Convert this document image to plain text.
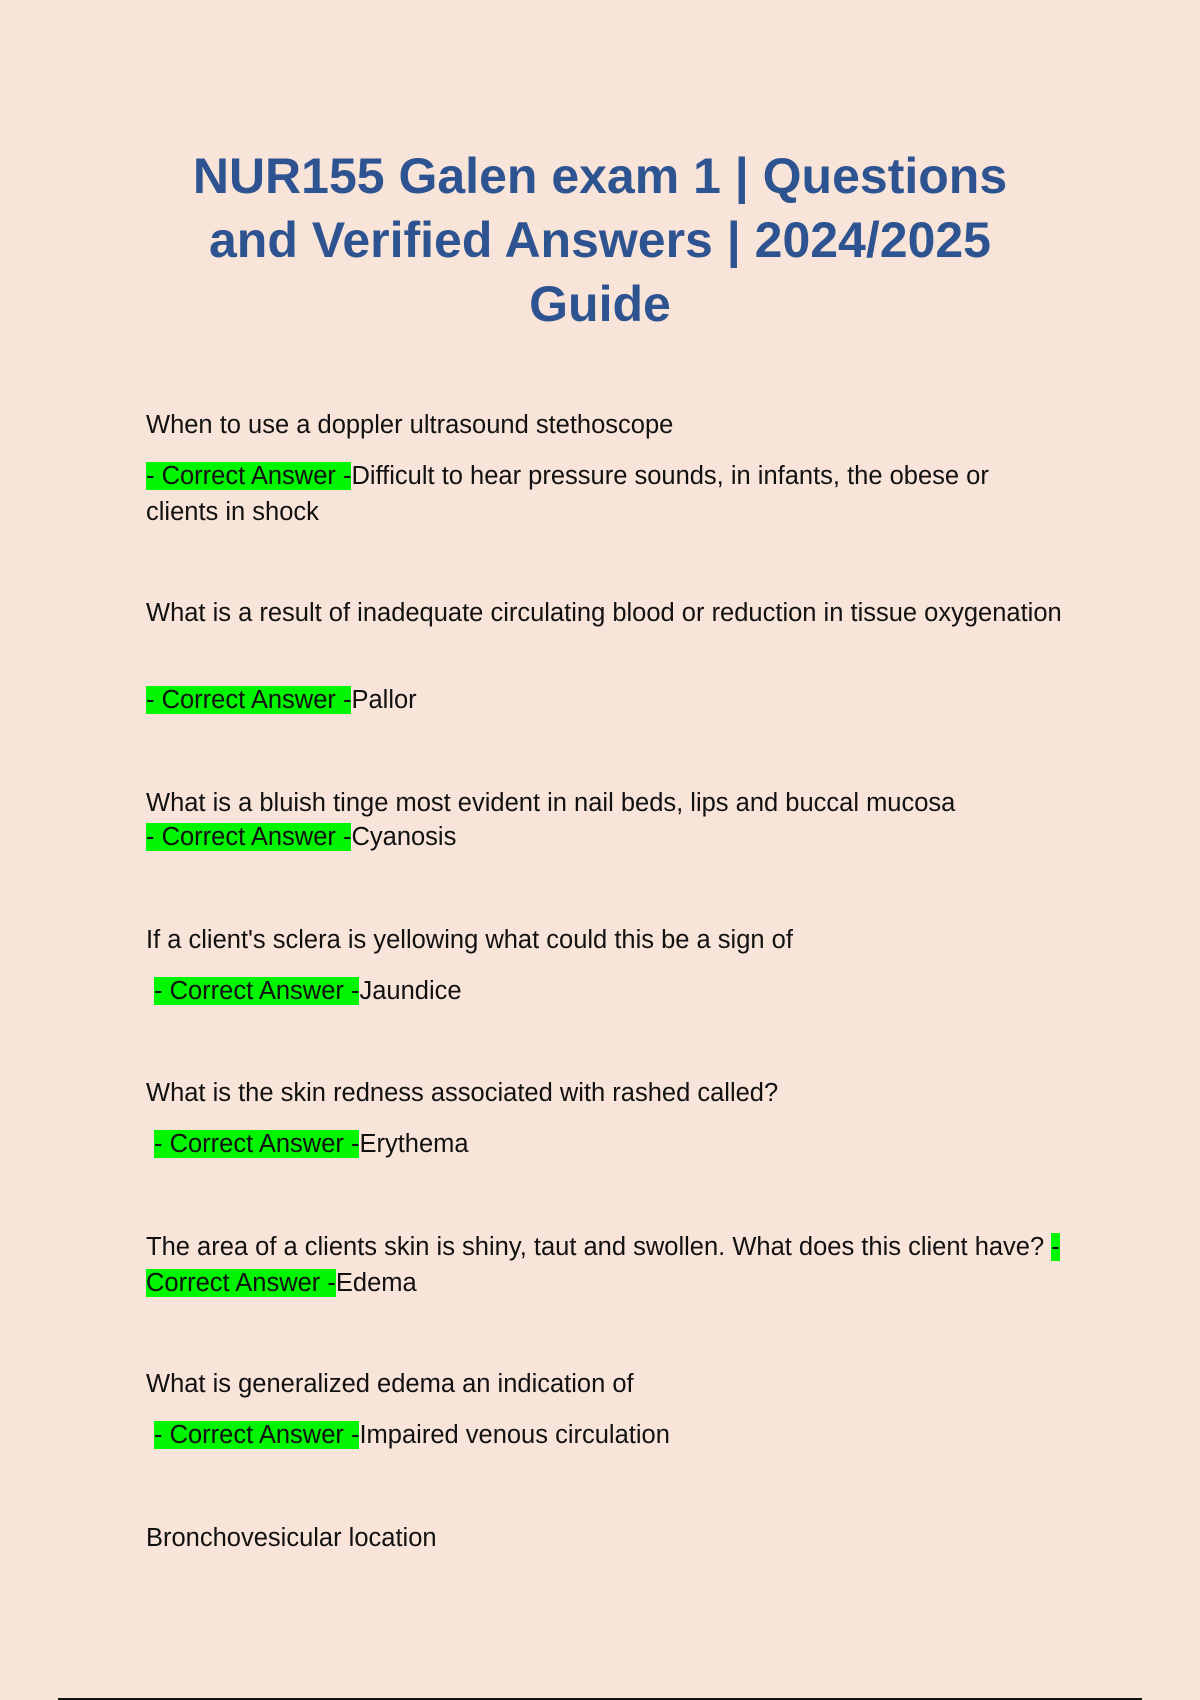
NUR155 Galen exam 1 | Questions and Verified Answers | 2024/2025 Guide

When to use a doppler ultrasound stethoscope

- Correct Answer -Difficult to hear pressure sounds, in infants, the obese or clients in shock

What is a result of inadequate circulating blood or reduction in tissue oxygenation

- Correct Answer -Pallor

What is a bluish tinge most evident in nail beds, lips and buccal mucosa

- Correct Answer -Cyanosis

If a client's sclera is yellowing what could this be a sign of

- Correct Answer -Jaundice

What is the skin redness associated with rashed called?

- Correct Answer -Erythema

The area of a clients skin is shiny, taut and swollen. What does this client have? - Correct Answer -Edema

What is generalized edema an indication of

- Correct Answer -Impaired venous circulation

Bronchovesicular location
